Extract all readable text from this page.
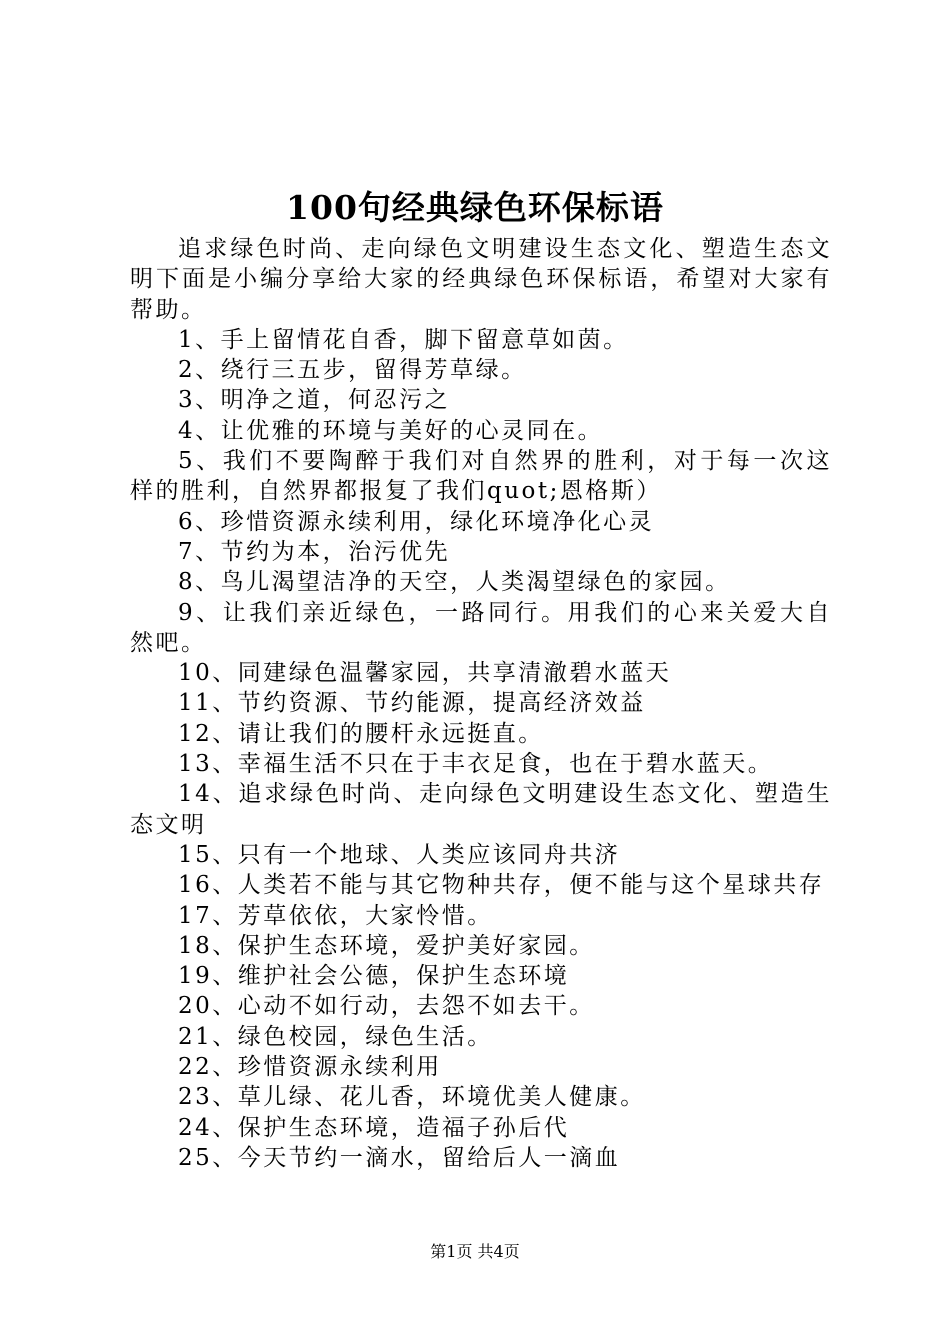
100句经典绿色环保标语

追求绿色时尚、走向绿色文明建设生态文化、塑造生态文明下面是小编分享给大家的经典绿色环保标语，希望对大家有帮助。

1、手上留情花自香，脚下留意草如茵。

2、绕行三五步，留得芳草绿。

3、明净之道，何忍污之

4、让优雅的环境与美好的心灵同在。

5、我们不要陶醉于我们对自然界的胜利，对于每一次这样的胜利，自然界都报复了我们quot;恩格斯）

6、珍惜资源永续利用，绿化环境净化心灵

7、节约为本，治污优先

8、鸟儿渴望洁净的天空，人类渴望绿色的家园。

9、让我们亲近绿色，一路同行。用我们的心来关爱大自然吧。

10、同建绿色温馨家园，共享清澈碧水蓝天

11、节约资源、节约能源，提高经济效益

12、请让我们的腰杆永远挺直。

13、幸福生活不只在于丰衣足食，也在于碧水蓝天。

14、追求绿色时尚、走向绿色文明建设生态文化、塑造生态文明

15、只有一个地球、人类应该同舟共济

16、人类若不能与其它物种共存，便不能与这个星球共存

17、芳草依依，大家怜惜。

18、保护生态环境，爱护美好家园。

19、维护社会公德，保护生态环境

20、心动不如行动，去怨不如去干。

21、绿色校园，绿色生活。

22、珍惜资源永续利用

23、草儿绿、花儿香，环境优美人健康。

24、保护生态环境，造福子孙后代

25、今天节约一滴水，留给后人一滴血

第1页 共4页
